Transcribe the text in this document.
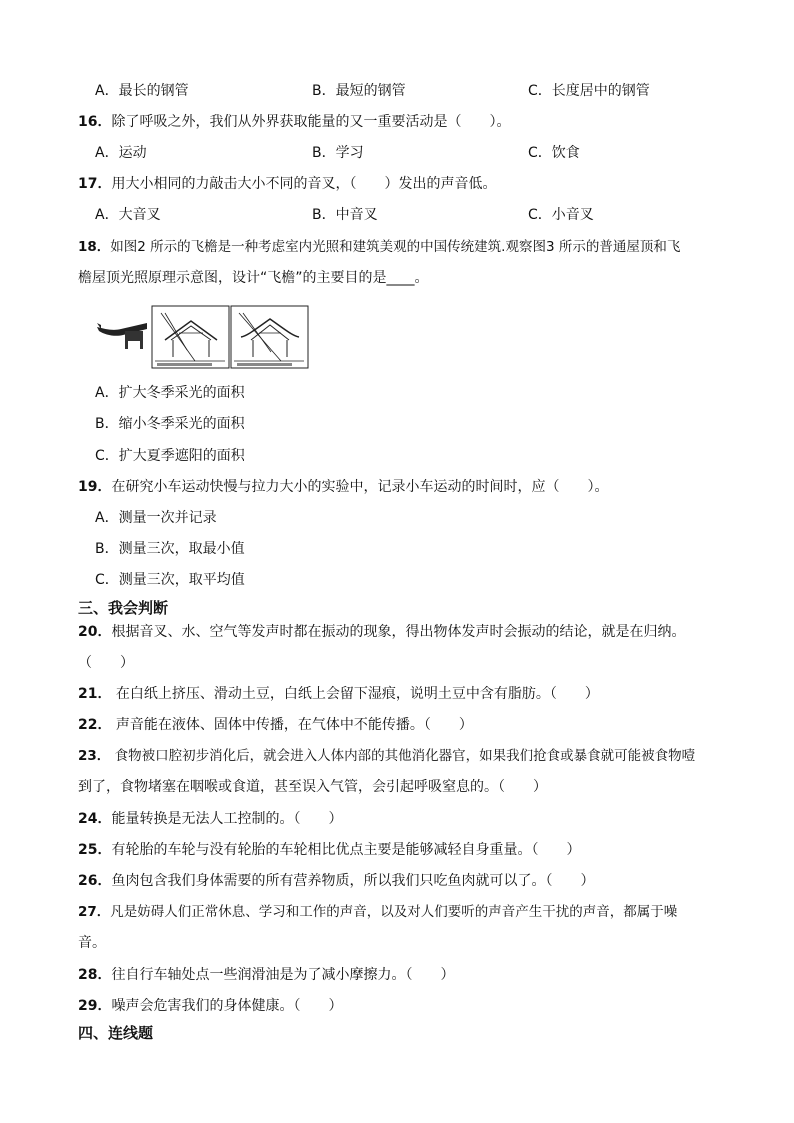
A．最长的钢管	B．最短的钢管	C．长度居中的钢管
16．除了呼吸之外，我们从外界获取能量的又一重要活动是（　　）。
A．运动	B．学习	C．饮食
17．用大小相同的力敲击大小不同的音叉，（　　）发出的声音低。
A．大音叉	B．中音叉	C．小音叉
18．如图2 所示的飞檐是一种考虑室内光照和建筑美观的中国传统建筑.观察图3 所示的普通屋顶和飞
檐屋顶光照原理示意图，设计“飞檐”的主要目的是____。
A．扩大冬季采光的面积
B．缩小冬季采光的面积
C．扩大夏季遮阳的面积
19．在研究小车运动快慢与拉力大小的实验中，记录小车运动的时间时，应（　　）。
A．测量一次并记录
B．测量三次，取最小值
C．测量三次，取平均值
三、我会判断
20．根据音叉、水、空气等发声时都在振动的现象，得出物体发声时会振动的结论，就是在归纳。
（　　）
21． 在白纸上挤压、滑动土豆，白纸上会留下湿痕，说明土豆中含有脂肪。（　　）
22． 声音能在液体、固体中传播，在气体中不能传播。（　　）
23． 食物被口腔初步消化后，就会进入人体内部的其他消化器官，如果我们抢食或暴食就可能被食物噎
到了，食物堵塞在咽喉或食道，甚至误入气管，会引起呼吸窒息的。（　　）
24．能量转换是无法人工控制的。（　　）
25．有轮胎的车轮与没有轮胎的车轮相比优点主要是能够减轻自身重量。（　　）
26．鱼肉包含我们身体需要的所有营养物质，所以我们只吃鱼肉就可以了。（　　）
27．凡是妨碍人们正常休息、学习和工作的声音，以及对人们要听的声音产生干扰的声音，都属于噪
音。
28．往自行车轴处点一些润滑油是为了减小摩擦力。（　　）
29．噪声会危害我们的身体健康。（　　）
四、连线题
